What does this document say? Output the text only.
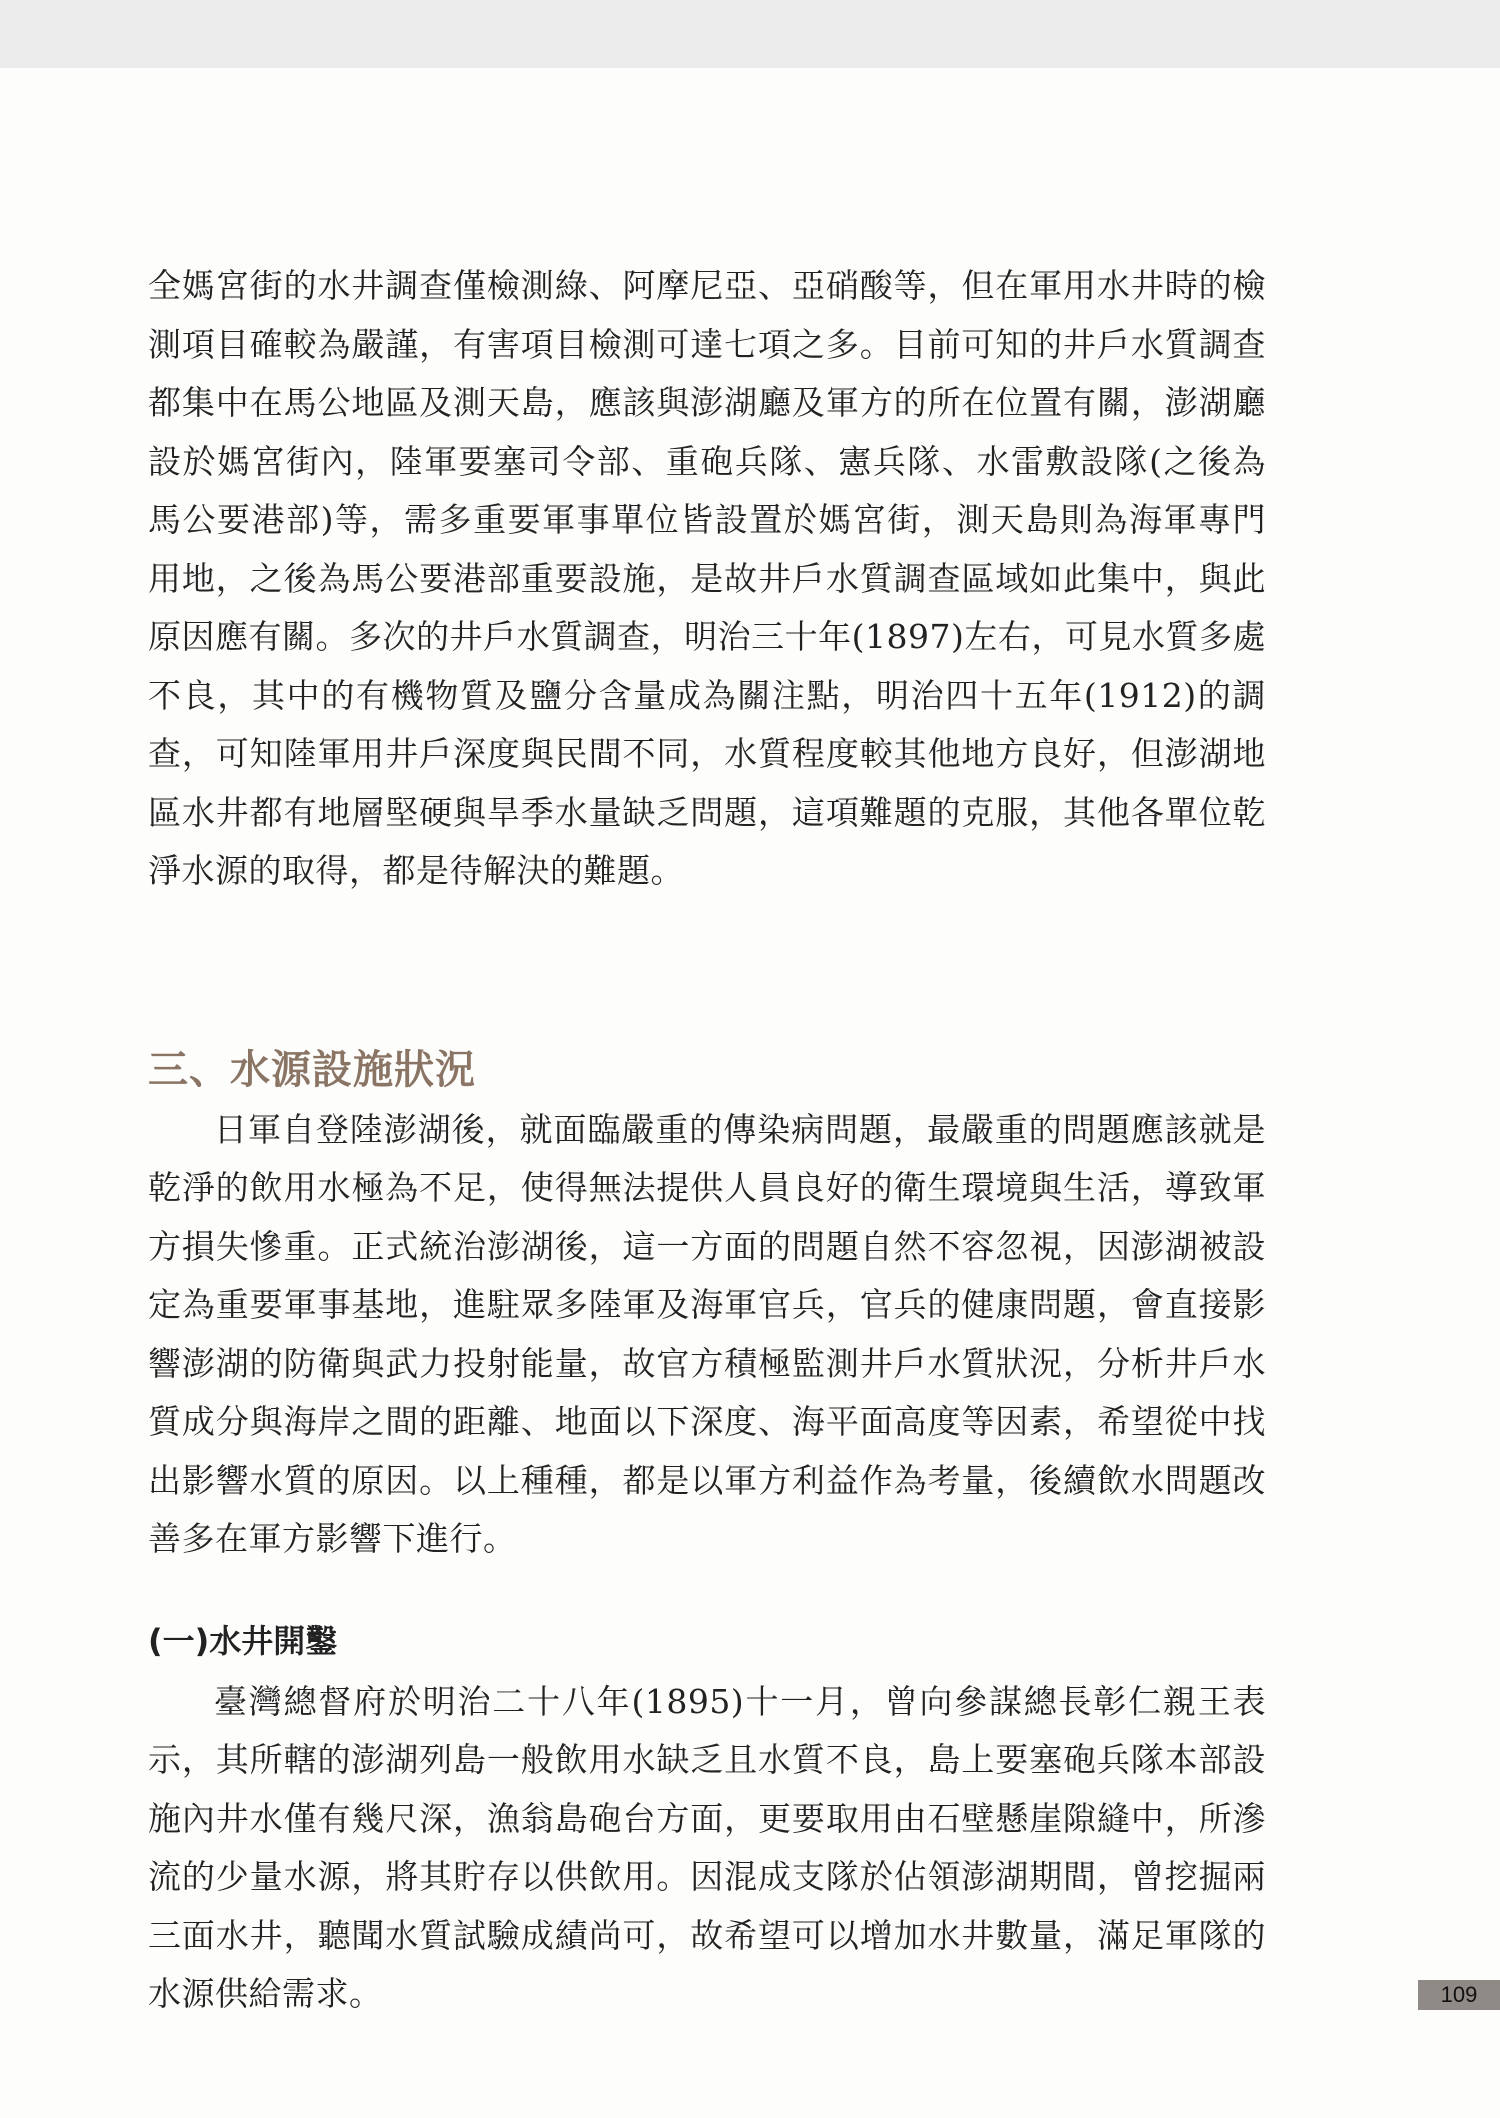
全媽宮街的水井調查僅檢測綠、阿摩尼亞、亞硝酸等，但在軍用水井時的檢測項目確較為嚴謹，有害項目檢測可達七項之多。目前可知的井戶水質調查都集中在馬公地區及測天島，應該與澎湖廳及軍方的所在位置有關，澎湖廳設於媽宮街內，陸軍要塞司令部、重砲兵隊、憲兵隊、水雷敷設隊(之後為馬公要港部)等，需多重要軍事單位皆設置於媽宮街，測天島則為海軍專門用地，之後為馬公要港部重要設施，是故井戶水質調查區域如此集中，與此原因應有關。多次的井戶水質調查，明治三十年(1897)左右，可見水質多處不良，其中的有機物質及鹽分含量成為關注點，明治四十五年(1912)的調查，可知陸軍用井戶深度與民間不同，水質程度較其他地方良好，但澎湖地區水井都有地層堅硬與旱季水量缺乏問題，這項難題的克服，其他各單位乾淨水源的取得，都是待解決的難題。

三、水源設施狀況

日軍自登陸澎湖後，就面臨嚴重的傳染病問題，最嚴重的問題應該就是乾淨的飲用水極為不足，使得無法提供人員良好的衛生環境與生活，導致軍方損失慘重。正式統治澎湖後，這一方面的問題自然不容忽視，因澎湖被設定為重要軍事基地，進駐眾多陸軍及海軍官兵，官兵的健康問題，會直接影響澎湖的防衛與武力投射能量，故官方積極監測井戶水質狀況，分析井戶水質成分與海岸之間的距離、地面以下深度、海平面高度等因素，希望從中找出影響水質的原因。以上種種，都是以軍方利益作為考量，後續飲水問題改善多在軍方影響下進行。

(一)水井開鑿

臺灣總督府於明治二十八年(1895)十一月，曾向參謀總長彰仁親王表示，其所轄的澎湖列島一般飲用水缺乏且水質不良，島上要塞砲兵隊本部設施內井水僅有幾尺深，漁翁島砲台方面，更要取用由石壁懸崖隙縫中，所滲流的少量水源，將其貯存以供飲用。因混成支隊於佔領澎湖期間，曾挖掘兩三面水井，聽聞水質試驗成績尚可，故希望可以增加水井數量，滿足軍隊的水源供給需求。	109
